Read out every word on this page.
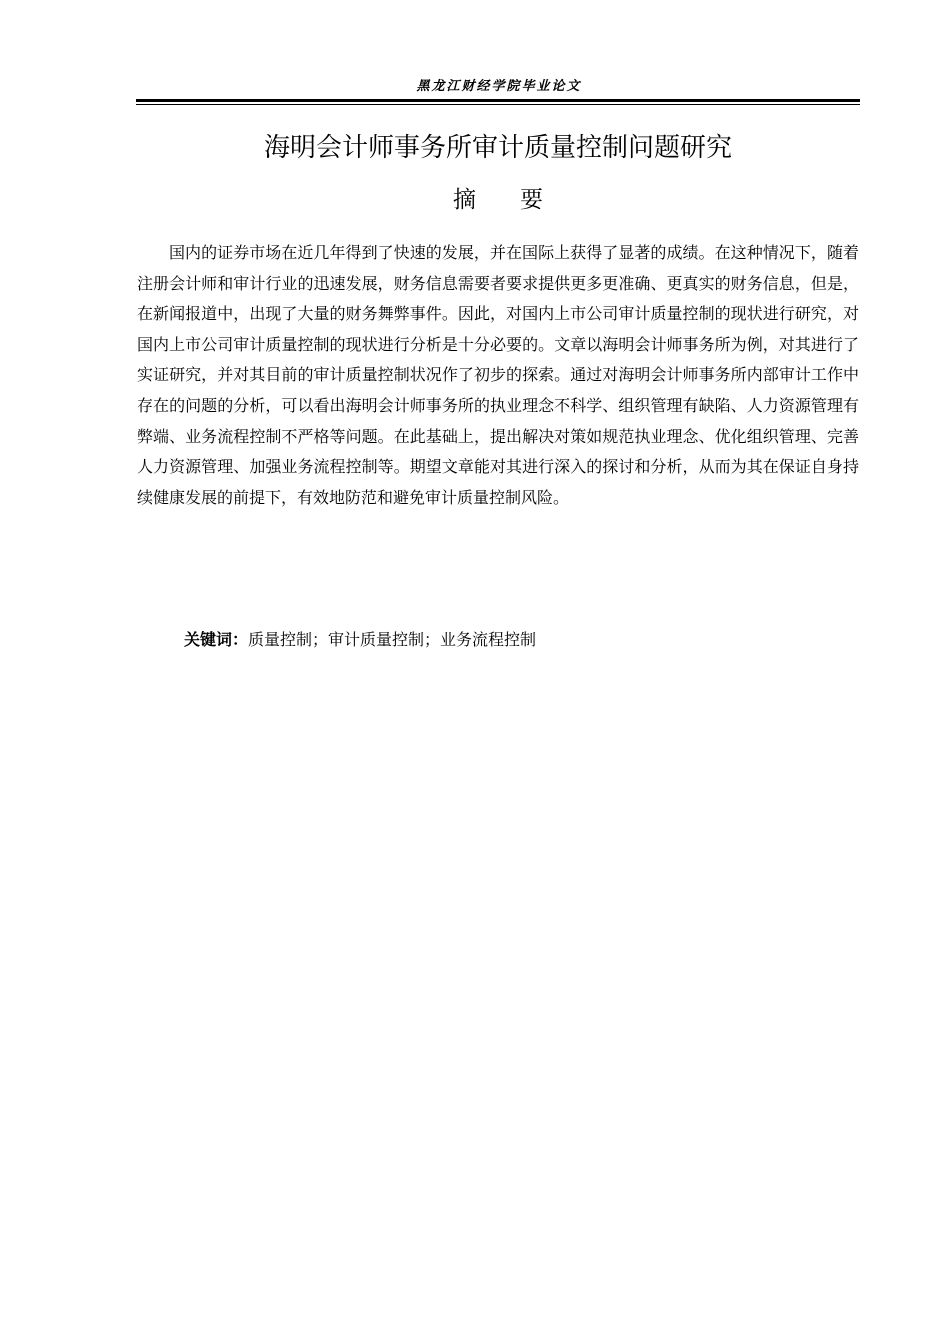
黑龙江财经学院毕业论文
海明会计师事务所审计质量控制问题研究
摘要

国内的证券市场在近几年得到了快速的发展，并在国际上获得了显著的成绩。在这种情况下，随着注册会计师和审计行业的迅速发展，财务信息需要者要求提供更多更准确、更真实的财务信息，但是，在新闻报道中，出现了大量的财务舞弊事件。因此，对国内上市公司审计质量控制的现状进行研究，对国内上市公司审计质量控制的现状进行分析是十分必要的。文章以海明会计师事务所为例，对其进行了实证研究，并对其目前的审计质量控制状况作了初步的探索。通过对海明会计师事务所内部审计工作中存在的问题的分析，可以看出海明会计师事务所的执业理念不科学、组织管理有缺陷、人力资源管理有弊端、业务流程控制不严格等问题。在此基础上，提出解决对策如规范执业理念、优化组织管理、完善人力资源管理、加强业务流程控制等。期望文章能对其进行深入的探讨和分析，从而为其在保证自身持续健康发展的前提下，有效地防范和避免审计质量控制风险。

关键词：质量控制；审计质量控制；业务流程控制
